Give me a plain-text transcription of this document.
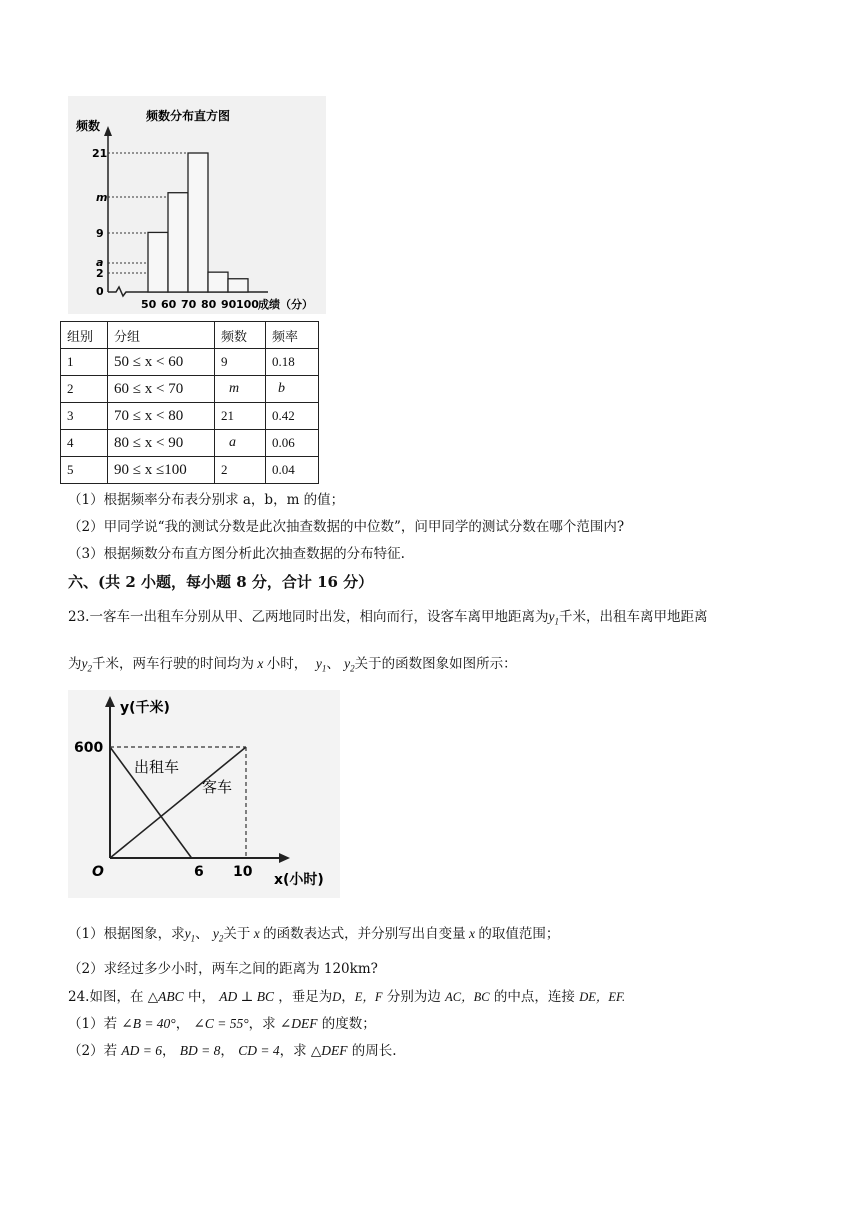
频数分布直方图
频数
21
m
9
a
2
0
50 60 70 80 90 100 成绩（分）
组别	分组	频数	频率
1	50 ≤ x < 60	9	0.18
2	60 ≤ x < 70	m	b
3	70 ≤ x < 80	21	0.42
4	80 ≤ x < 90	a	0.06
5	90 ≤ x ≤100	2	0.04
（1）根据频率分布表分别求 a，b，m 的值；
（2）甲同学说“我的测试分数是此次抽查数据的中位数”，问甲同学的测试分数在哪个范围内?
（3）根据频数分布直方图分析此次抽查数据的分布特征.
六、(共 2 小题，每小题 8 分，合计 16 分）
23.一客车一出租车分别从甲、乙两地同时出发，相向而行，设客车离甲地距离为$y_1$千米，出租车离甲地距离
为$y_2$千米，两车行驶的时间均为 x 小时， $y_1$、 $y_2$关于的函数图象如图所示：
y(千米)
600
出租车
客车
O	6 10 x(小时)
（1）根据图象，求$y_1$、 $y_2$关于 x 的函数表达式，并分别写出自变量 x 的取值范围；
（2）求经过多少小时，两车之间的距离为 120km?
24.如图，在 △ABC 中， AD ⊥ BC ，垂足为D，E，F 分别为边 AC，BC 的中点，连接 DE，EF.
（1）若 ∠B = 40°， ∠C = 55°，求 ∠DEF 的度数；
（2）若 AD = 6， BD = 8， CD = 4，求 △DEF 的周长.
